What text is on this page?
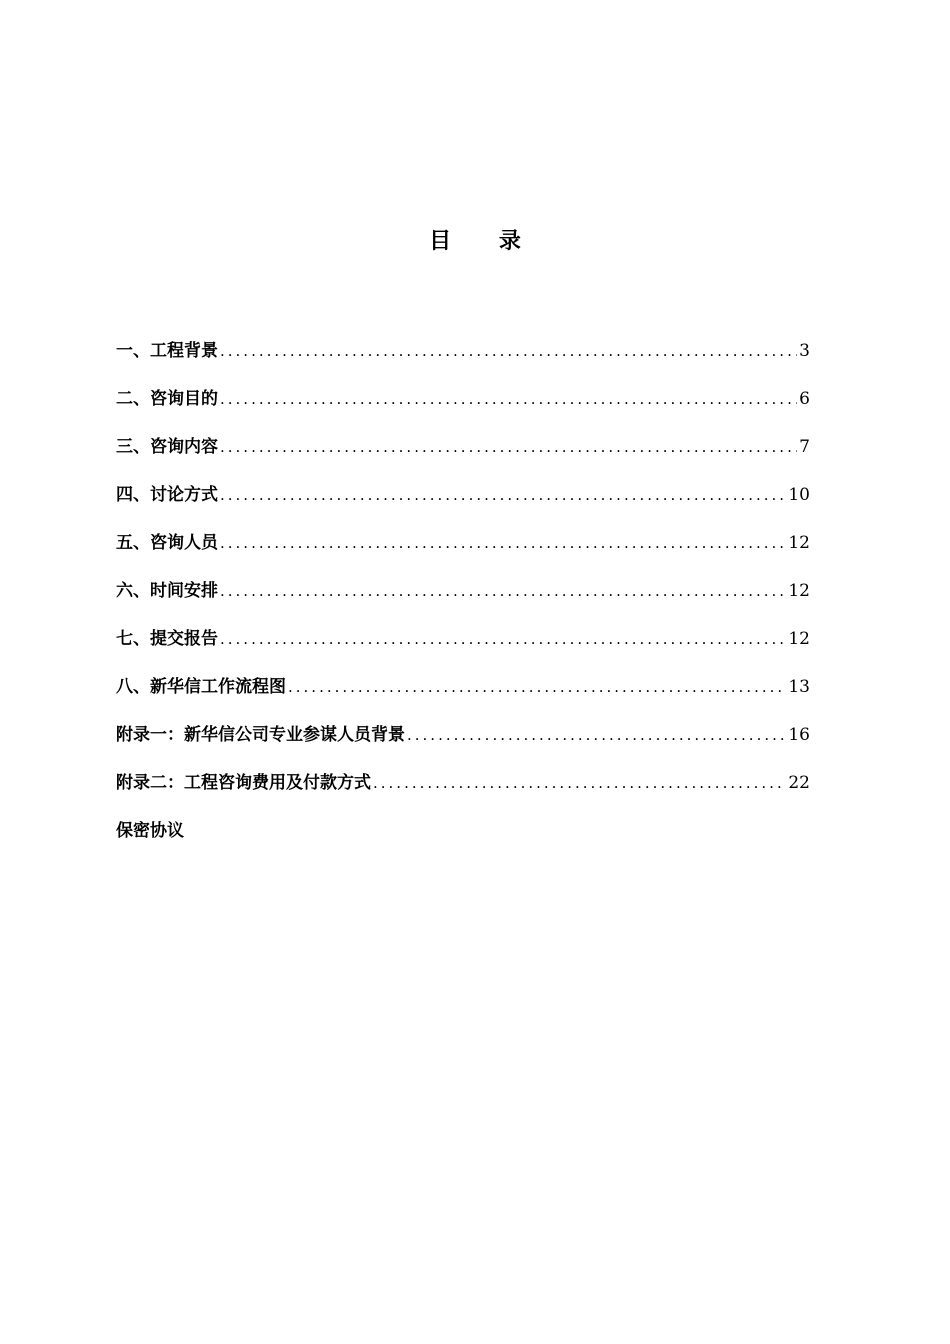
目 录
一、工程背景 .....	3
二、咨询目的 .....	6
三、咨询内容 .....	7
四、讨论方式 .....	10
五、咨询人员 .....	12
六、时间安排 .....	12
七、提交报告 .....	12
八、新华信工作流程图 .....	13
附录一：新华信公司专业参谋人员背景 .....	16
附录二：工程咨询费用及付款方式 .....	22
保密协议
